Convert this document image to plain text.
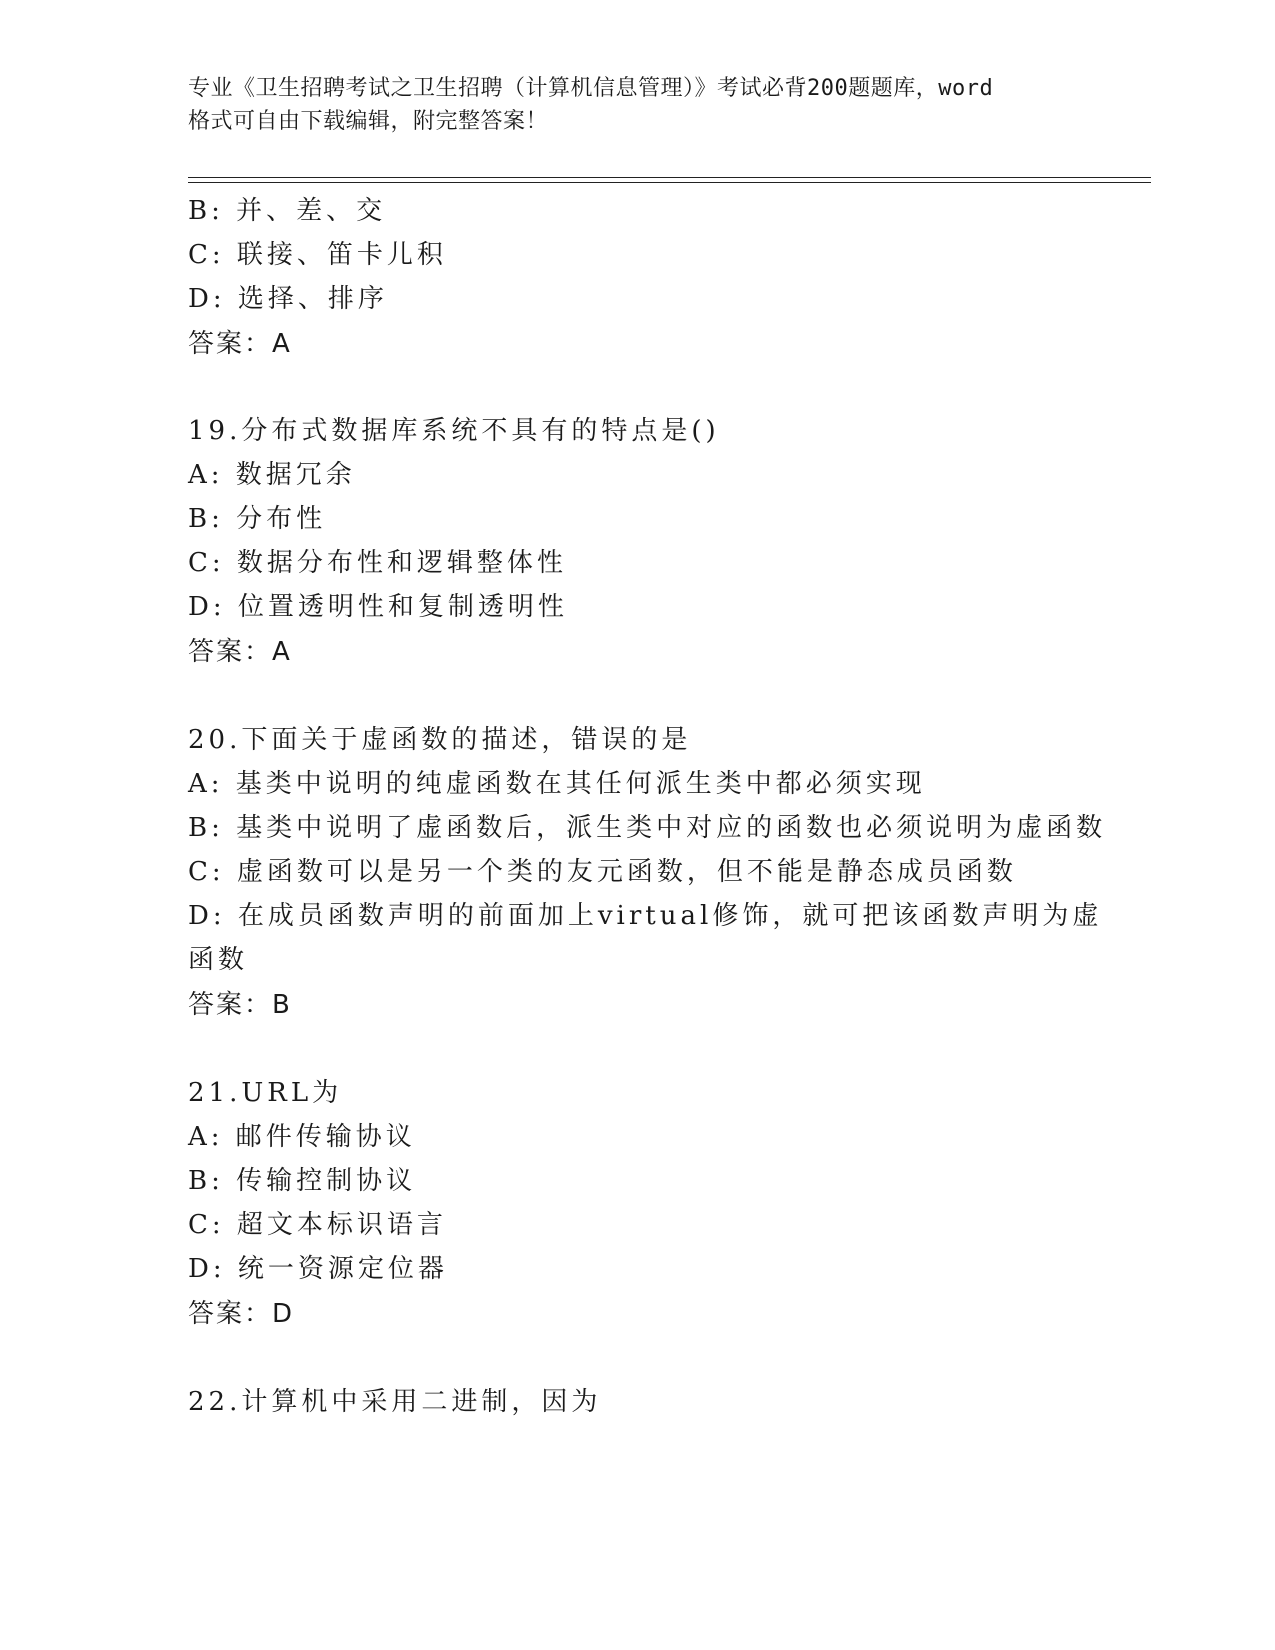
专业《卫生招聘考试之卫生招聘（计算机信息管理）》考试必背200题题库，word
格式可自由下载编辑，附完整答案！
B: 并、差、交
C: 联接、笛卡儿积
D: 选择、排序
答案：A
19.分布式数据库系统不具有的特点是()
A: 数据冗余
B: 分布性
C: 数据分布性和逻辑整体性
D: 位置透明性和复制透明性
答案：A
20.下面关于虚函数的描述，错误的是
A: 基类中说明的纯虚函数在其任何派生类中都必须实现
B: 基类中说明了虚函数后，派生类中对应的函数也必须说明为虚函数
C: 虚函数可以是另一个类的友元函数，但不能是静态成员函数
D: 在成员函数声明的前面加上virtual修饰，就可把该函数声明为虚
函数
答案：B
21.URL为
A: 邮件传输协议
B: 传输控制协议
C: 超文本标识语言
D: 统一资源定位器
答案：D
22.计算机中采用二进制，因为
